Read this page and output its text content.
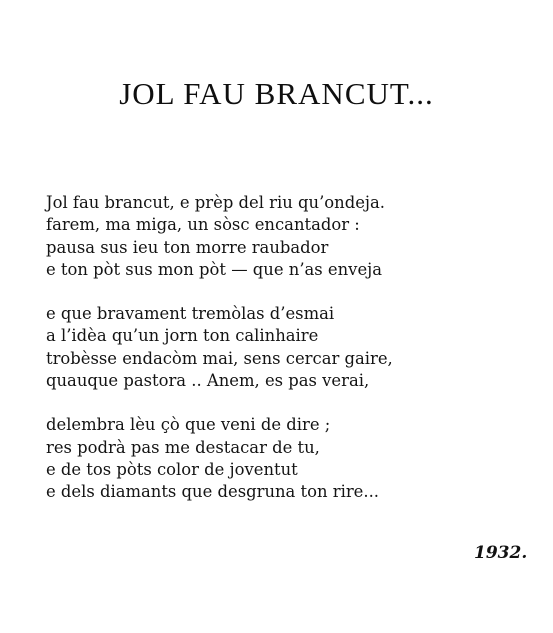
JOL FAU BRANCUT...
Jol fau brancut, e prèp del riu qu’ondeja.
farem, ma miga, un sòsc encantador :
pausa sus ieu ton morre raubador
e ton pòt sus mon pòt — que n’as enveja
e que bravament tremòlas d’esmai
a l’idèa qu’un jorn ton calinhaire
trobèsse endacòm mai, sens cercar gaire,
quauque pastora .. Anem, es pas verai,
delembra lèu çò que veni de dire ;
res podrà pas me destacar de tu,
e de tos pòts color de joventut
e dels diamants que desgruna ton rire...
1932.
